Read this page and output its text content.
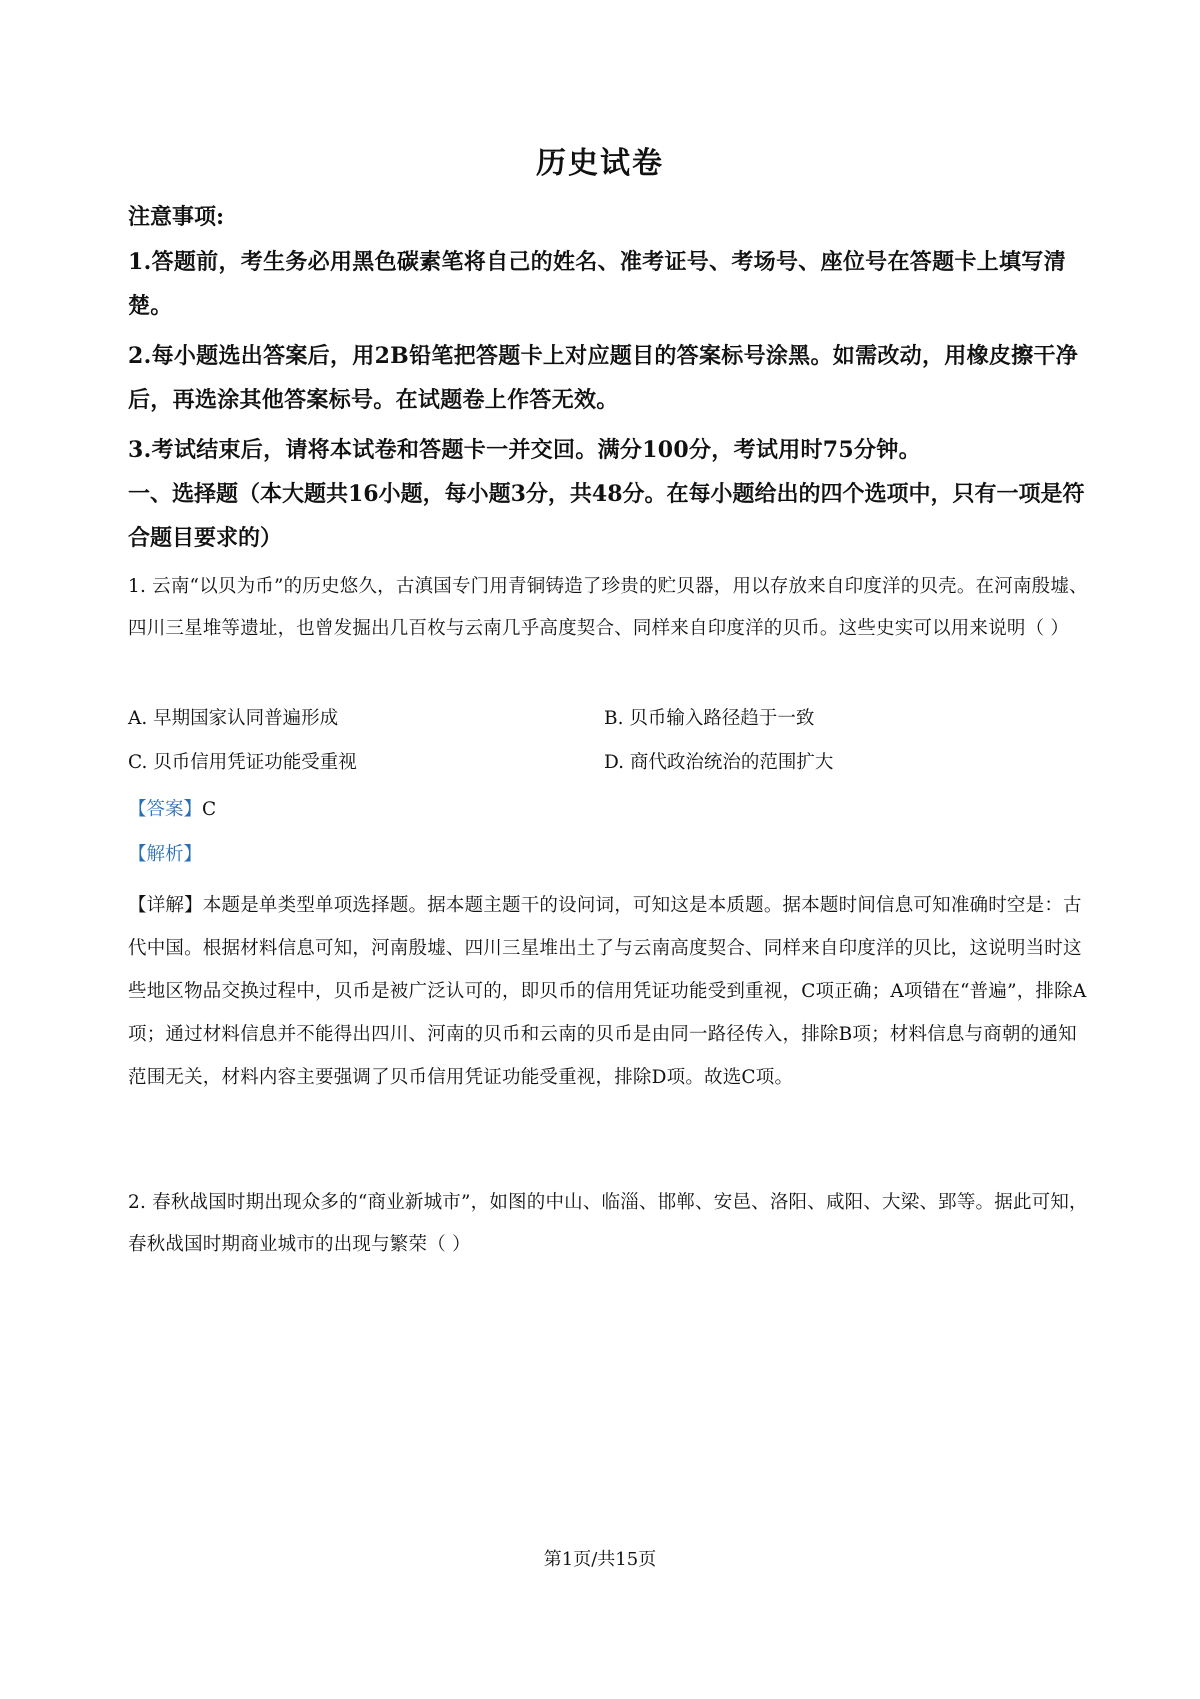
历史试卷
注意事项:
1.答题前，考生务必用黑色碳素笔将自己的姓名、准考证号、考场号、座位号在答题卡上填写清楚。
2.每小题选出答案后，用2B铅笔把答题卡上对应题目的答案标号涂黑。如需改动，用橡皮擦干净后，再选涂其他答案标号。在试题卷上作答无效。
3.考试结束后，请将本试卷和答题卡一并交回。满分100分，考试用时75分钟。
一、选择题（本大题共16小题，每小题3分，共48分。在每小题给出的四个选项中，只有一项是符合题目要求的）
1. 云南“以贝为币”的历史悠久，古滇国专门用青铜铸造了珍贵的贮贝器，用以存放来自印度洋的贝壳。在河南殷墟、四川三星堆等遗址，也曾发掘出几百枚与云南几乎高度契合、同样来自印度洋的贝币。这些史实可以用来说明（ ）
A. 早期国家认同普遍形成	B. 贝币输入路径趋于一致
C. 贝币信用凭证功能受重视	D. 商代政治统治的范围扩大
【答案】C
【解析】
【详解】本题是单类型单项选择题。据本题主题干的设问词，可知这是本质题。据本题时间信息可知准确时空是：古代中国。根据材料信息可知，河南殷墟、四川三星堆出土了与云南高度契合、同样来自印度洋的贝比，这说明当时这些地区物品交换过程中，贝币是被广泛认可的，即贝币的信用凭证功能受到重视，C项正确；A项错在“普遍”，排除A项；通过材料信息并不能得出四川、河南的贝币和云南的贝币是由同一路径传入，排除B项；材料信息与商朝的通知范围无关，材料内容主要强调了贝币信用凭证功能受重视，排除D项。故选C项。
2. 春秋战国时期出现众多的“商业新城市”，如图的中山、临淄、邯郸、安邑、洛阳、咸阳、大梁、郢等。据此可知，春秋战国时期商业城市的出现与繁荣（ ）
第1页/共15页
